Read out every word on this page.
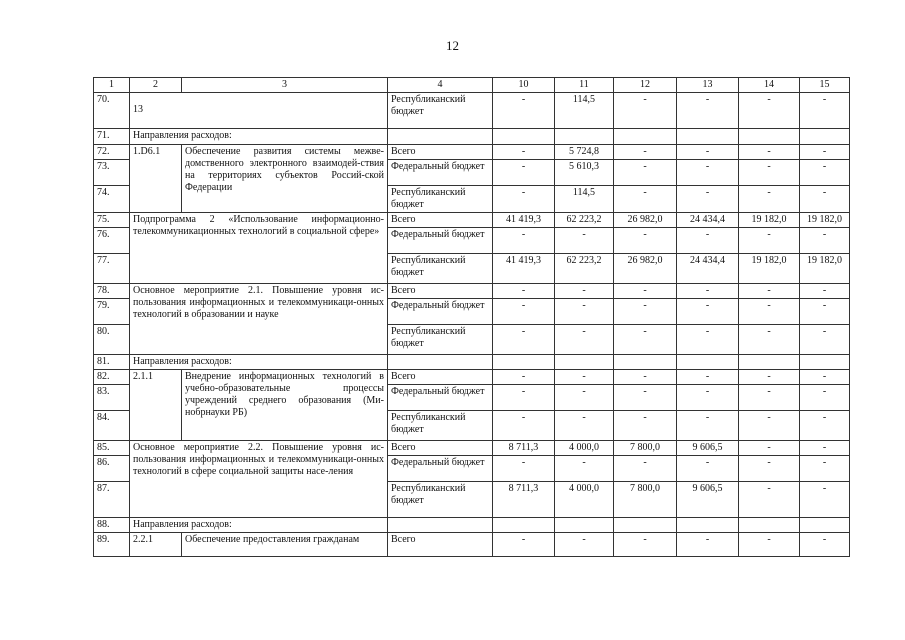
12
1	2	3	4	10	11	12	13	14	15
70.	13		Республиканский бюджет	-	114,5	-	-	-	-
71.	Направления расходов:								
72.	1.D6.1	Обеспечение развития системы межве-домственного электронного взаимодей-ствия на территориях субъектов Россий-ской Федерации	Всего	-	5 724,8	-	-	-	-
73.			Федеральный бюджет	-	5 610,3	-	-	-	-
74.			Республиканский бюджет	-	114,5	-	-	-	-
75.	Подпрограмма 2 «Использование информационно-телекоммуникационных технологий в социальной сфере»		Всего	41 419,3	62 223,2	26 982,0	24 434,4	19 182,0	19 182,0
76.			Федеральный бюджет	-	-	-	-	-	-
77.			Республиканский бюджет	41 419,3	62 223,2	26 982,0	24 434,4	19 182,0	19 182,0
78.	Основное мероприятие 2.1. Повышение уровня ис-пользования информационных и телекоммуникаци-онных технологий в образовании и науке		Всего	-	-	-	-	-	-
79.			Федеральный бюджет	-	-	-	-	-	-
80.			Республиканский бюджет	-	-	-	-	-	-
81.	Направления расходов:								
82.	2.1.1	Внедрение информационных технологий в учебно-образовательные процессы учреждений среднего образования (Ми-нобрнауки РБ)	Всего	-	-	-	-	-	-
83.			Федеральный бюджет	-	-	-	-	-	-
84.			Республиканский бюджет	-	-	-	-	-	-
85.	Основное мероприятие 2.2. Повышение уровня ис-пользования информационных и телекоммуникаци-онных технологий в сфере социальной защиты насе-ления		Всего	8 711,3	4 000,0	7 800,0	9 606,5	-	-
86.			Федеральный бюджет	-	-	-	-	-	-
87.			Республиканский бюджет	8 711,3	4 000,0	7 800,0	9 606,5	-	-
88.	Направления расходов:								
89.	2.2.1	Обеспечение предоставления гражданам	Всего	-	-	-	-	-	-
